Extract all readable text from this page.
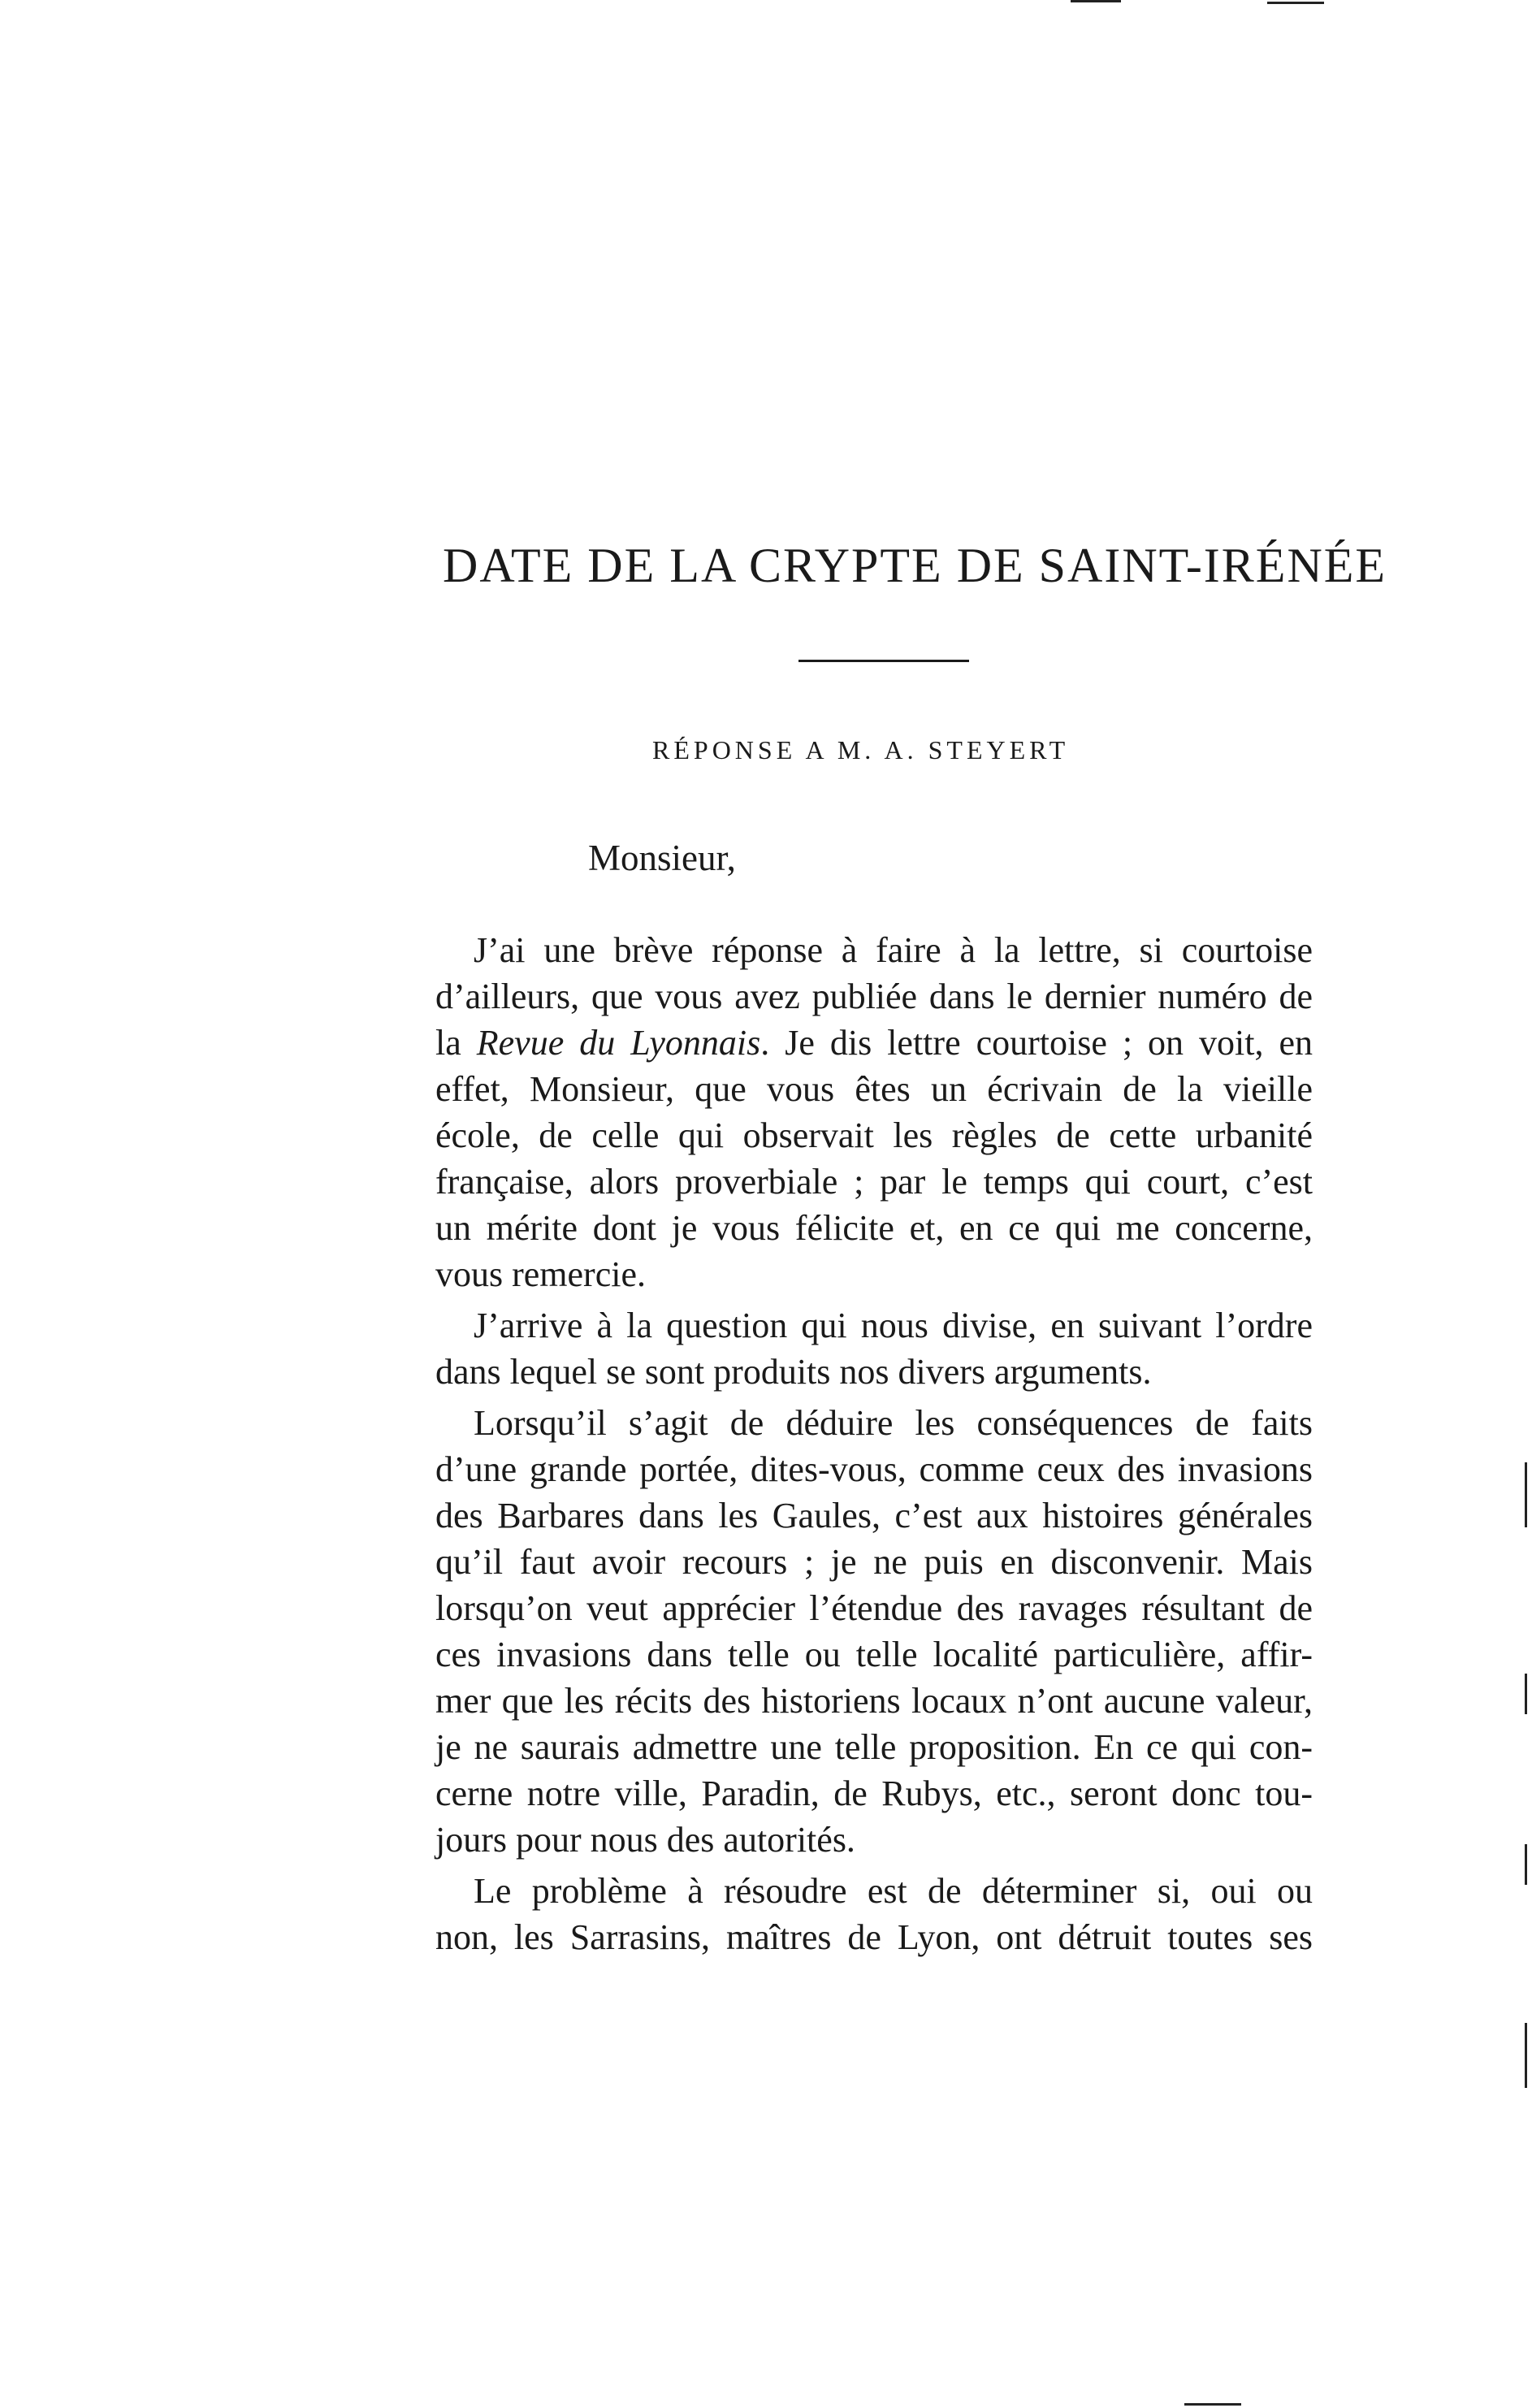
DATE DE LA CRYPTE DE SAINT-IRÉNÉE
RÉPONSE A M. A. STEYERT
Monsieur,
J’ai une brève réponse à faire à la lettre, si courtoise
d’ailleurs, que vous avez publiée dans le dernier numéro de
la Revue du Lyonnais. Je dis lettre courtoise ; on voit, en
effet, Monsieur, que vous êtes un écrivain de la vieille
école, de celle qui observait les règles de cette urbanité
française, alors proverbiale ; par le temps qui court, c’est
un mérite dont je vous félicite et, en ce qui me concerne,
vous remercie.
J’arrive à la question qui nous divise, en suivant l’ordre
dans lequel se sont produits nos divers arguments.
Lorsqu’il s’agit de déduire les conséquences de faits
d’une grande portée, dites-vous, comme ceux des invasions
des Barbares dans les Gaules, c’est aux histoires générales
qu’il faut avoir recours ; je ne puis en disconvenir. Mais
lorsqu’on veut apprécier l’étendue des ravages résultant de
ces invasions dans telle ou telle localité particulière, affir-
mer que les récits des historiens locaux n’ont aucune valeur,
je ne saurais admettre une telle proposition. En ce qui con-
cerne notre ville, Paradin, de Rubys, etc., seront donc tou-
jours pour nous des autorités.
Le problème à résoudre est de déterminer si, oui ou
non, les Sarrasins, maîtres de Lyon, ont détruit toutes ses
